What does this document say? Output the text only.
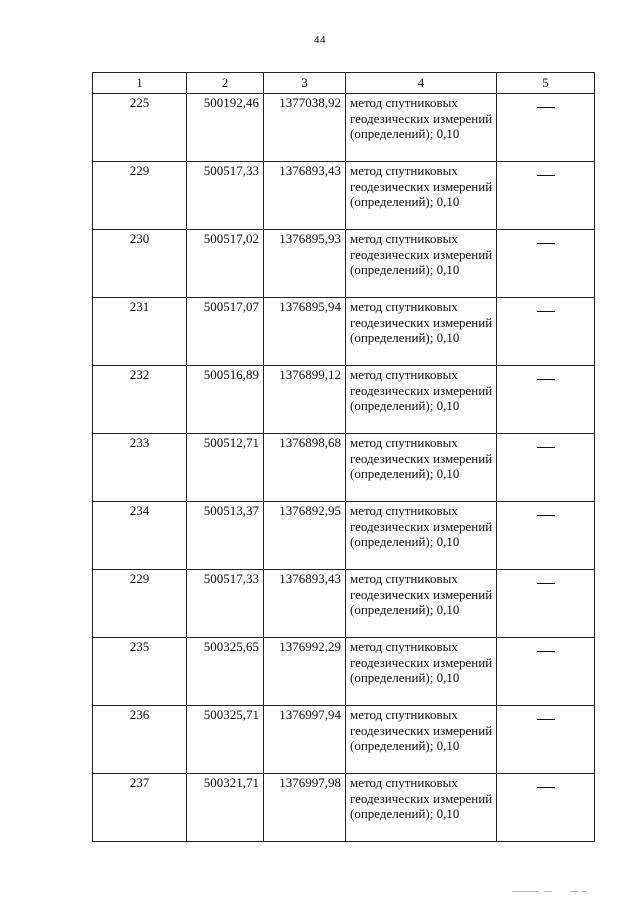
44
1	2	3	4	5
225	500192,46	1377038,92	метод спутниковых геодезических измерений (определений); 0,10	

229	500517,33	1376893,43	метод спутниковых геодезических измерений (определений); 0,10	

230	500517,02	1376895,93	метод спутниковых геодезических измерений (определений); 0,10	

231	500517,07	1376895,94	метод спутниковых геодезических измерений (определений); 0,10	

232	500516,89	1376899,12	метод спутниковых геодезических измерений (определений); 0,10	

233	500512,71	1376898,68	метод спутниковых геодезических измерений (определений); 0,10	

234	500513,37	1376892,95	метод спутниковых геодезических измерений (определений); 0,10	

229	500517,33	1376893,43	метод спутниковых геодезических измерений (определений); 0,10	

235	500325,65	1376992,29	метод спутниковых геодезических измерений (определений); 0,10	

236	500325,71	1376997,94	метод спутниковых геодезических измерений (определений); 0,10	

237	500321,71	1376997,98	метод спутниковых геодезических измерений (определений); 0,10	
